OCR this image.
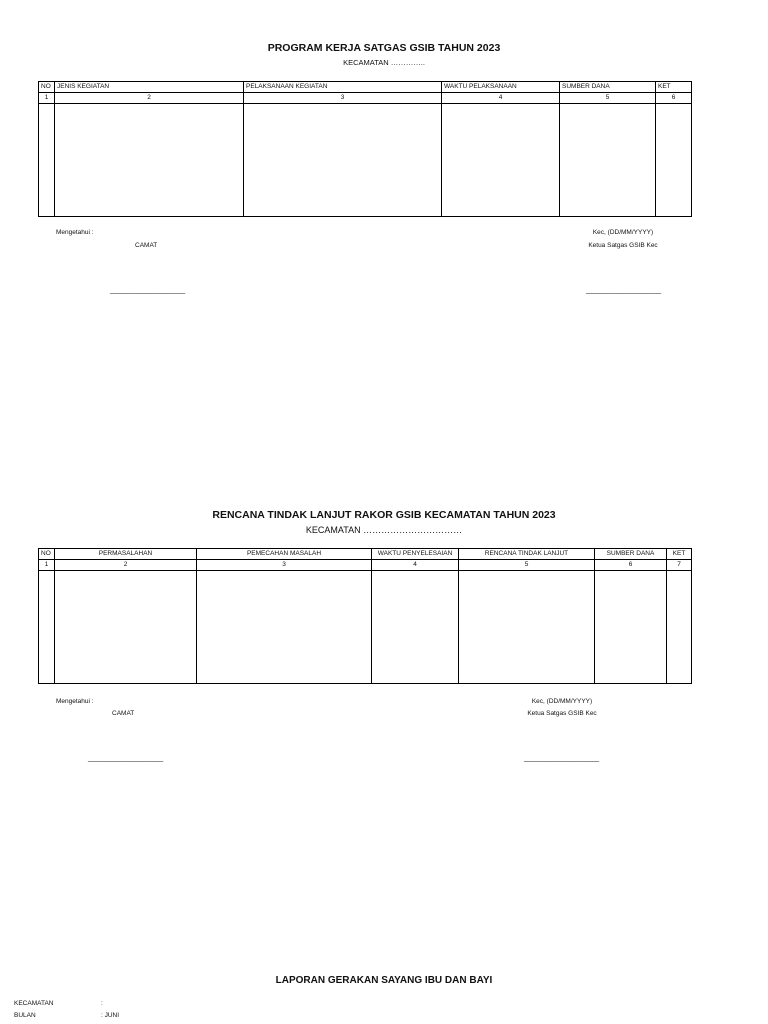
PROGRAM KERJA SATGAS GSIB TAHUN 2023
KECAMATAN …………..
NO	JENIS KEGIATAN	PELAKSANAAN KEGIATAN	WAKTU PELAKSANAAN	SUMBER DANA	KET
1	2	3	4	5	6

Mengetahui :
CAMAT
Kec, (DD/MM/YYYY)
Ketua Satgas GSIB Kec
______________________	______________________
RENCANA TINDAK LANJUT RAKOR GSIB KECAMATAN TAHUN 2023
KECAMATAN ……………………………
NO	PERMASALAHAN	PEMECAHAN MASALAH	WAKTU PENYELESAIAN	RENCANA TINDAK LANJUT	SUMBER DANA	KET
1	2	3	4	5	6	7

Mengetahui :
CAMAT
Kec, (DD/MM/YYYY)
Ketua Satgas GSIB Kec
______________________	______________________
LAPORAN GERAKAN SAYANG IBU DAN BAYI
KECAMATAN	:
BULAN	: JUNI
